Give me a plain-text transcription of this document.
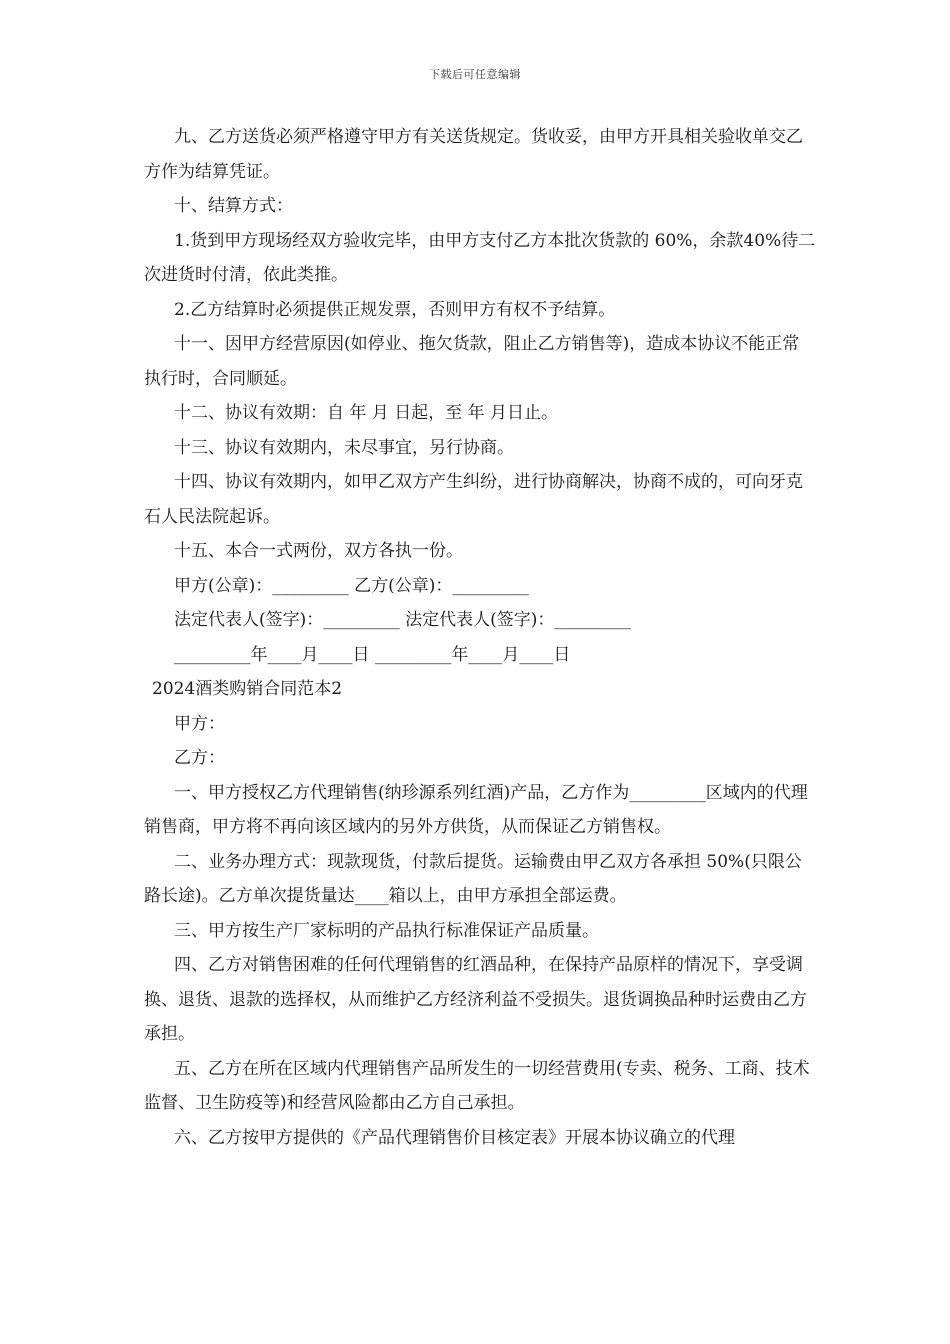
下载后可任意编辑

九、乙方送货必须严格遵守甲方有关送货规定。货收妥，由甲方开具相关验收单交乙方作为结算凭证。

十、结算方式：

1.货到甲方现场经双方验收完毕，由甲方支付乙方本批次货款的 60%，余款40%待二次进货时付清，依此类推。

2.乙方结算时必须提供正规发票，否则甲方有权不予结算。

十一、因甲方经营原因(如停业、拖欠货款，阻止乙方销售等)，造成本协议不能正常执行时，合同顺延。

十二、协议有效期：自 年 月 日起，至 年 月日止。

十三、协议有效期内，未尽事宜，另行协商。

十四、协议有效期内，如甲乙双方产生纠纷，进行协商解决，协商不成的，可向牙克石人民法院起诉。

十五、本合一式两份，双方各执一份。

甲方(公章)：_________ 乙方(公章)：_________

法定代表人(签字)：_________ 法定代表人(签字)：_________

_________年____月____日 _________年____月____日

2024酒类购销合同范本2

甲方：

乙方：

一、甲方授权乙方代理销售(纳珍源系列红酒)产品，乙方作为_________区域内的代理销售商，甲方将不再向该区域内的另外方供货，从而保证乙方销售权。

二、业务办理方式：现款现货，付款后提货。运输费由甲乙双方各承担 50%(只限公路长途)。乙方单次提货量达____箱以上，由甲方承担全部运费。

三、甲方按生产厂家标明的产品执行标准保证产品质量。

四、乙方对销售困难的任何代理销售的红酒品种，在保持产品原样的情况下，享受调换、退货、退款的选择权，从而维护乙方经济利益不受损失。退货调换品种时运费由乙方承担。

五、乙方在所在区域内代理销售产品所发生的一切经营费用(专卖、税务、工商、技术监督、卫生防疫等)和经营风险都由乙方自己承担。

六、乙方按甲方提供的《产品代理销售价目核定表》开展本协议确立的代理
